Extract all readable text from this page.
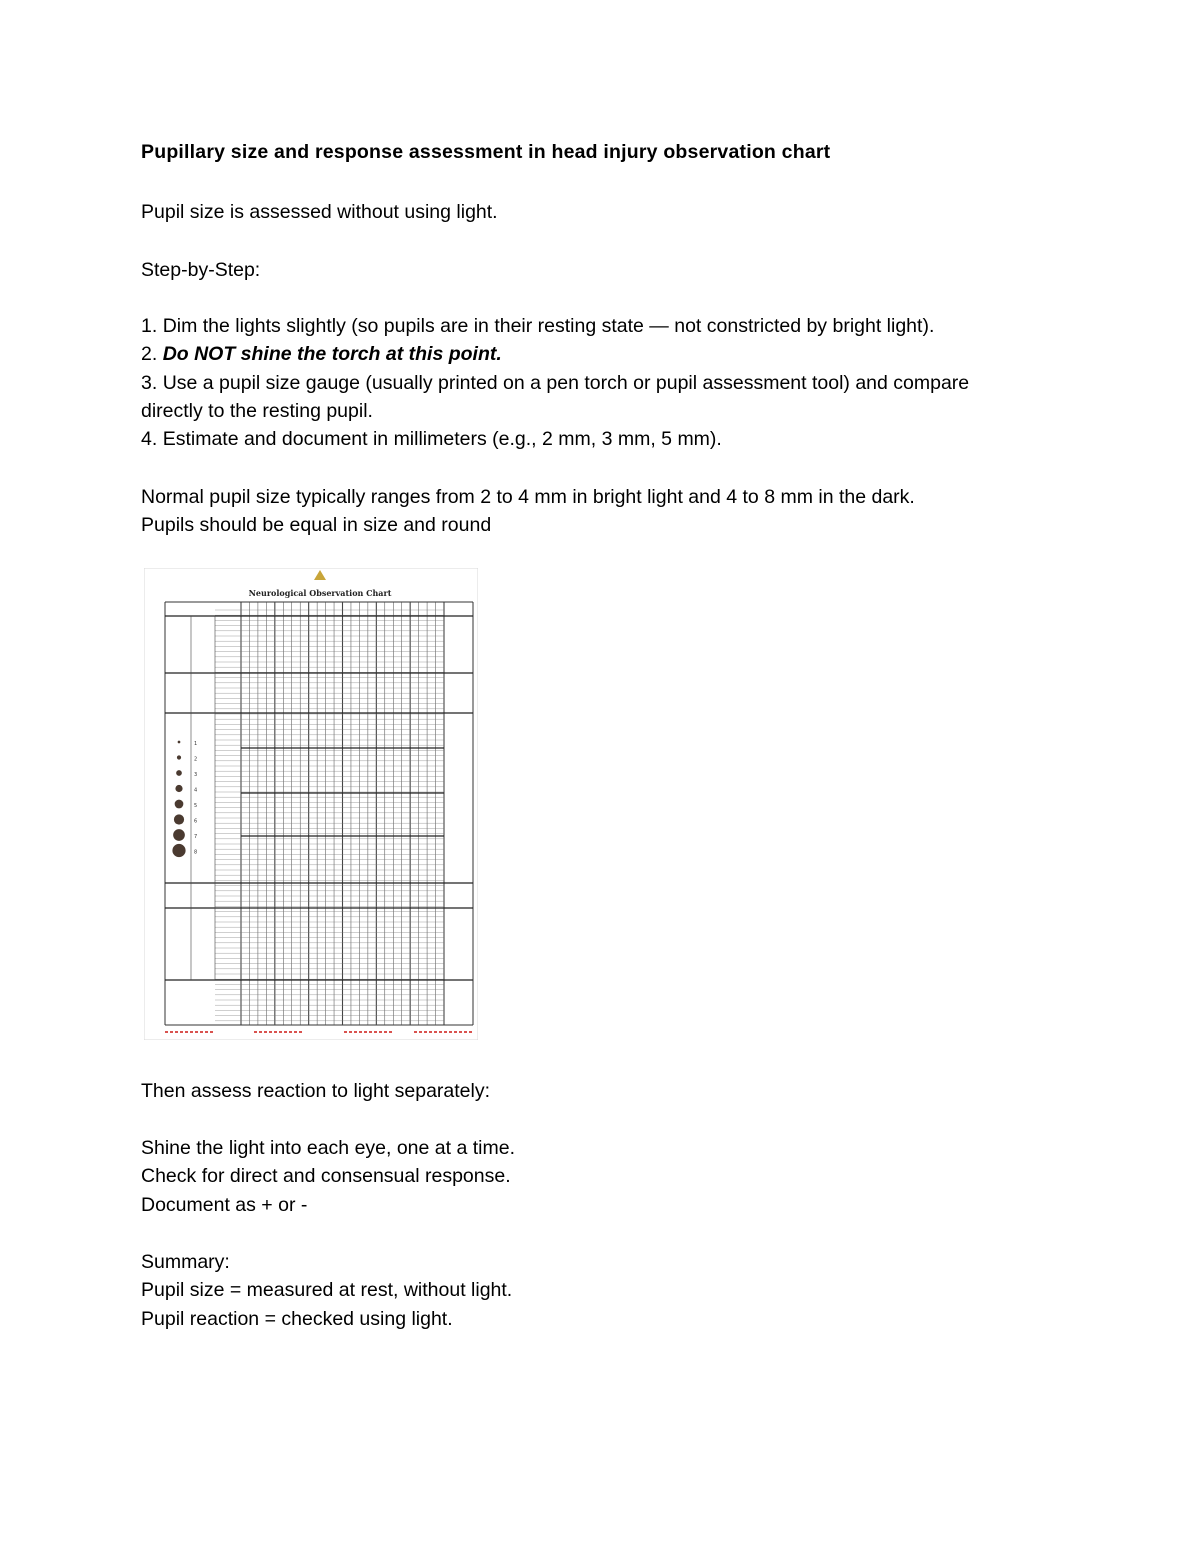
Pupillary size and response assessment in head injury observation chart
Pupil size is assessed without using light.
Step-by-Step:
1. Dim the lights slightly (so pupils are in their resting state — not constricted by bright light).
2. Do NOT shine the torch at this point.
3. Use a pupil size gauge (usually printed on a pen torch or pupil assessment tool) and compare
directly to the resting pupil.
4. Estimate and document in millimeters (e.g., 2 mm, 3 mm, 5 mm).
Normal pupil size typically ranges from 2 to 4 mm in bright light and 4 to 8 mm in the dark.
Pupils should be equal in size and round
Neurological Observation Chart
1
2
3
4
5
6
7
8
Then assess reaction to light separately:
Shine the light into each eye, one at a time.
Check for direct and consensual response.
Document as + or -
Summary:
Pupil size = measured at rest, without light.
Pupil reaction = checked using light.
